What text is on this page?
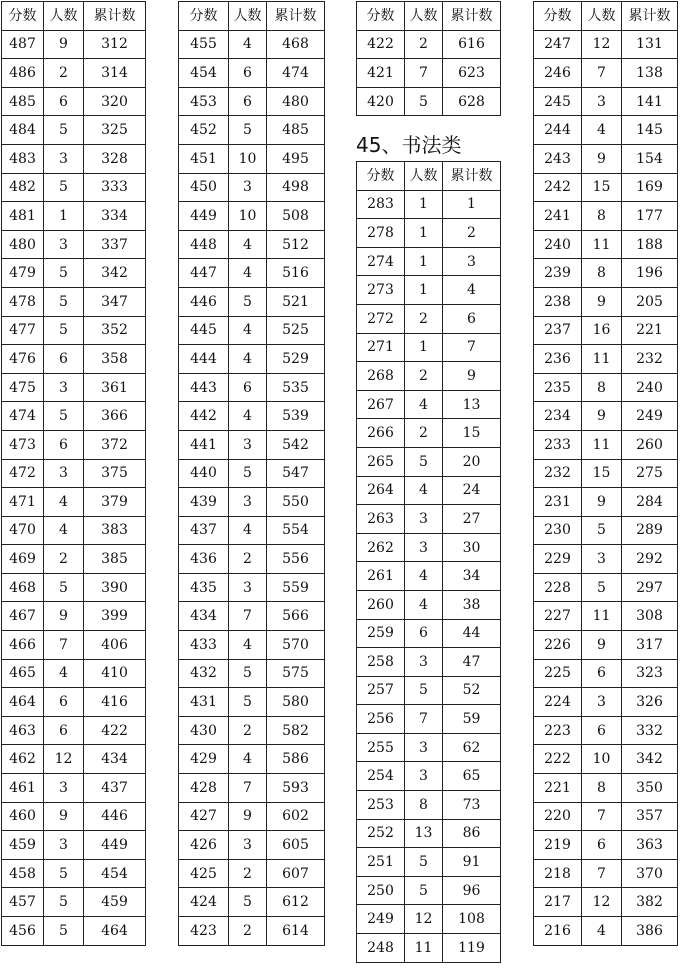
分数	人数	累计数
487	9	312
486	2	314
485	6	320
484	5	325
483	3	328
482	5	333
481	1	334
480	3	337
479	5	342
478	5	347
477	5	352
476	6	358
475	3	361
474	5	366
473	6	372
472	3	375
471	4	379
470	4	383
469	2	385
468	5	390
467	9	399
466	7	406
465	4	410
464	6	416
463	6	422
462	12	434
461	3	437
460	9	446
459	3	449
458	5	454
457	5	459
456	5	464
分数	人数	累计数
455	4	468
454	6	474
453	6	480
452	5	485
451	10	495
450	3	498
449	10	508
448	4	512
447	4	516
446	5	521
445	4	525
444	4	529
443	6	535
442	4	539
441	3	542
440	5	547
439	3	550
437	4	554
436	2	556
435	3	559
434	7	566
433	4	570
432	5	575
431	5	580
430	2	582
429	4	586
428	7	593
427	9	602
426	3	605
425	2	607
424	5	612
423	2	614
分数	人数	累计数
422	2	616
421	7	623
420	5	628
45、书法类
分数	人数	累计数
283	1	1
278	1	2
274	1	3
273	1	4
272	2	6
271	1	7
268	2	9
267	4	13
266	2	15
265	5	20
264	4	24
263	3	27
262	3	30
261	4	34
260	4	38
259	6	44
258	3	47
257	5	52
256	7	59
255	3	62
254	3	65
253	8	73
252	13	86
251	5	91
250	5	96
249	12	108
248	11	119
分数	人数	累计数
247	12	131
246	7	138
245	3	141
244	4	145
243	9	154
242	15	169
241	8	177
240	11	188
239	8	196
238	9	205
237	16	221
236	11	232
235	8	240
234	9	249
233	11	260
232	15	275
231	9	284
230	5	289
229	3	292
228	5	297
227	11	308
226	9	317
225	6	323
224	3	326
223	6	332
222	10	342
221	8	350
220	7	357
219	6	363
218	7	370
217	12	382
216	4	386
